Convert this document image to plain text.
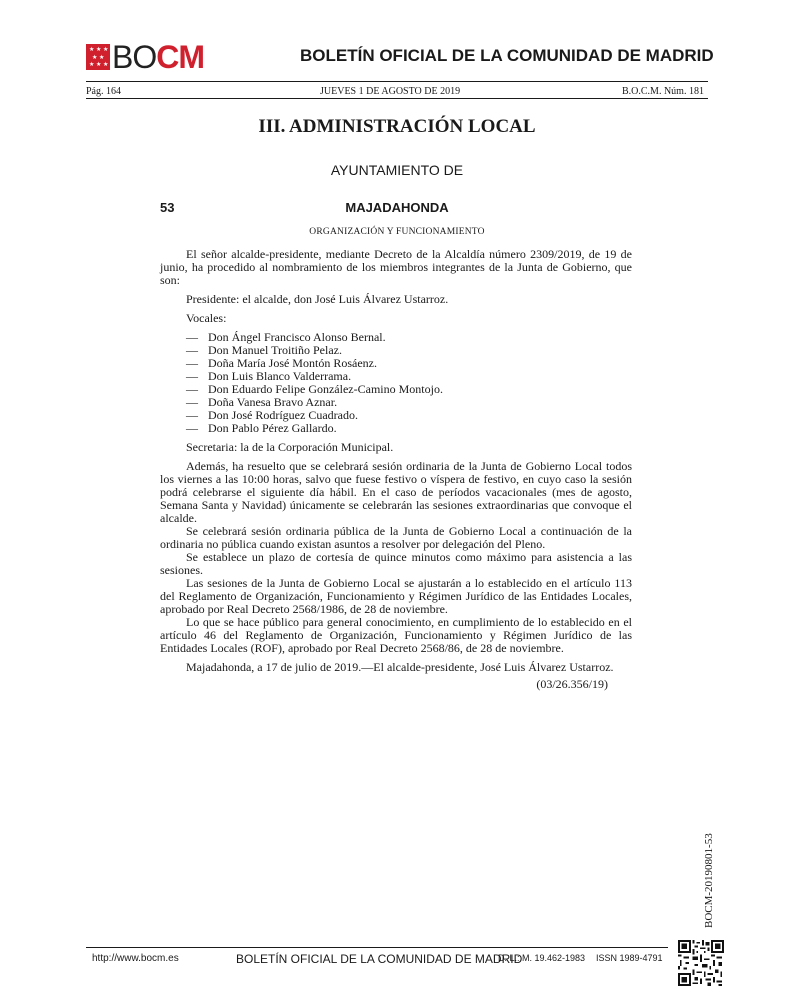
★ ★ ★
★ ★
★ ★ ★ BOCM	BOLETÍN OFICIAL DE LA COMUNIDAD DE MADRID
Pág. 164	JUEVES 1 DE AGOSTO DE 2019	B.O.C.M. Núm. 181
III. ADMINISTRACIÓN LOCAL
AYUNTAMIENTO DE
53	MAJADAHONDA
ORGANIZACIÓN Y FUNCIONAMIENTO

El señor alcalde-presidente, mediante Decreto de la Alcaldía número 2309/2019, de 19 de junio, ha procedido al nombramiento de los miembros integrantes de la Junta de Gobierno, que son:

Presidente: el alcalde, don José Luis Álvarez Ustarroz.

Vocales:

— Don Ángel Francisco Alonso Bernal.
— Don Manuel Troitiño Pelaz.
— Doña María José Montón Rosáenz.
— Don Luis Blanco Valderrama.
— Don Eduardo Felipe González-Camino Montojo.
— Doña Vanesa Bravo Aznar.
— Don José Rodríguez Cuadrado.
— Don Pablo Pérez Gallardo.

Secretaria: la de la Corporación Municipal.

Además, ha resuelto que se celebrará sesión ordinaria de la Junta de Gobierno Local todos los viernes a las 10:00 horas, salvo que fuese festivo o víspera de festivo, en cuyo caso la sesión podrá celebrarse el siguiente día hábil. En el caso de períodos vacacionales (mes de agosto, Semana Santa y Navidad) únicamente se celebrarán las sesiones extraordinarias que convoque el alcalde.

Se celebrará sesión ordinaria pública de la Junta de Gobierno Local a continuación de la ordinaria no pública cuando existan asuntos a resolver por delegación del Pleno.

Se establece un plazo de cortesía de quince minutos como máximo para asistencia a las sesiones.

Las sesiones de la Junta de Gobierno Local se ajustarán a lo establecido en el artículo 113 del Reglamento de Organización, Funcionamiento y Régimen Jurídico de las Entidades Locales, aprobado por Real Decreto 2568/1986, de 28 de noviembre.

Lo que se hace público para general conocimiento, en cumplimiento de lo establecido en el artículo 46 del Reglamento de Organización, Funcionamiento y Régimen Jurídico de las Entidades Locales (ROF), aprobado por Real Decreto 2568/86, de 28 de noviembre.

Majadahonda, a 17 de julio de 2019.—El alcalde-presidente, José Luis Álvarez Ustarroz.

(03/26.356/19)
BOCM-20190801-53
http://www.bocm.es	BOLETÍN OFICIAL DE LA COMUNIDAD DE MADRID
D. L.: M. 19.462-1983 ISSN 1989-4791
